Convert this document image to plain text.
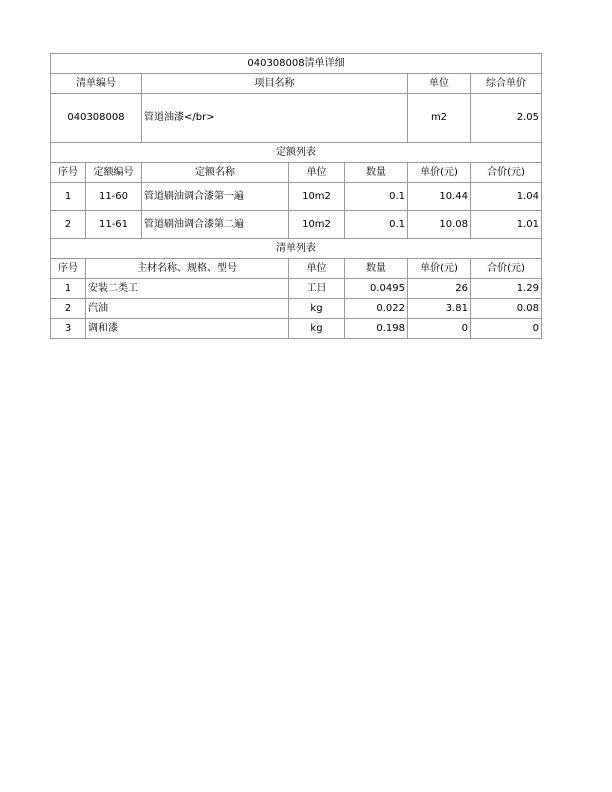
040308008清单详细						
清单编号		项目名称			单位	综合单价
040308008		管道油漆</br>			m2	2.05
定额列表						
序号	定额编号	定额名称	单位	数量	单价(元)	合价(元)
1	11-60	管道刷油调合漆第一遍	10m2	0.1	10.44	1.04
2	11-61	管道刷油调合漆第二遍	10m2	0.1	10.08	1.01
清单列表						
序号	主材名称、规格、型号		单位	数量	单价(元)	合价(元)
1	安装二类工		工日	0.0495	26	1.29
2	汽油		kg	0.022	3.81	0.08
3	调和漆		kg	0.198	0	0
